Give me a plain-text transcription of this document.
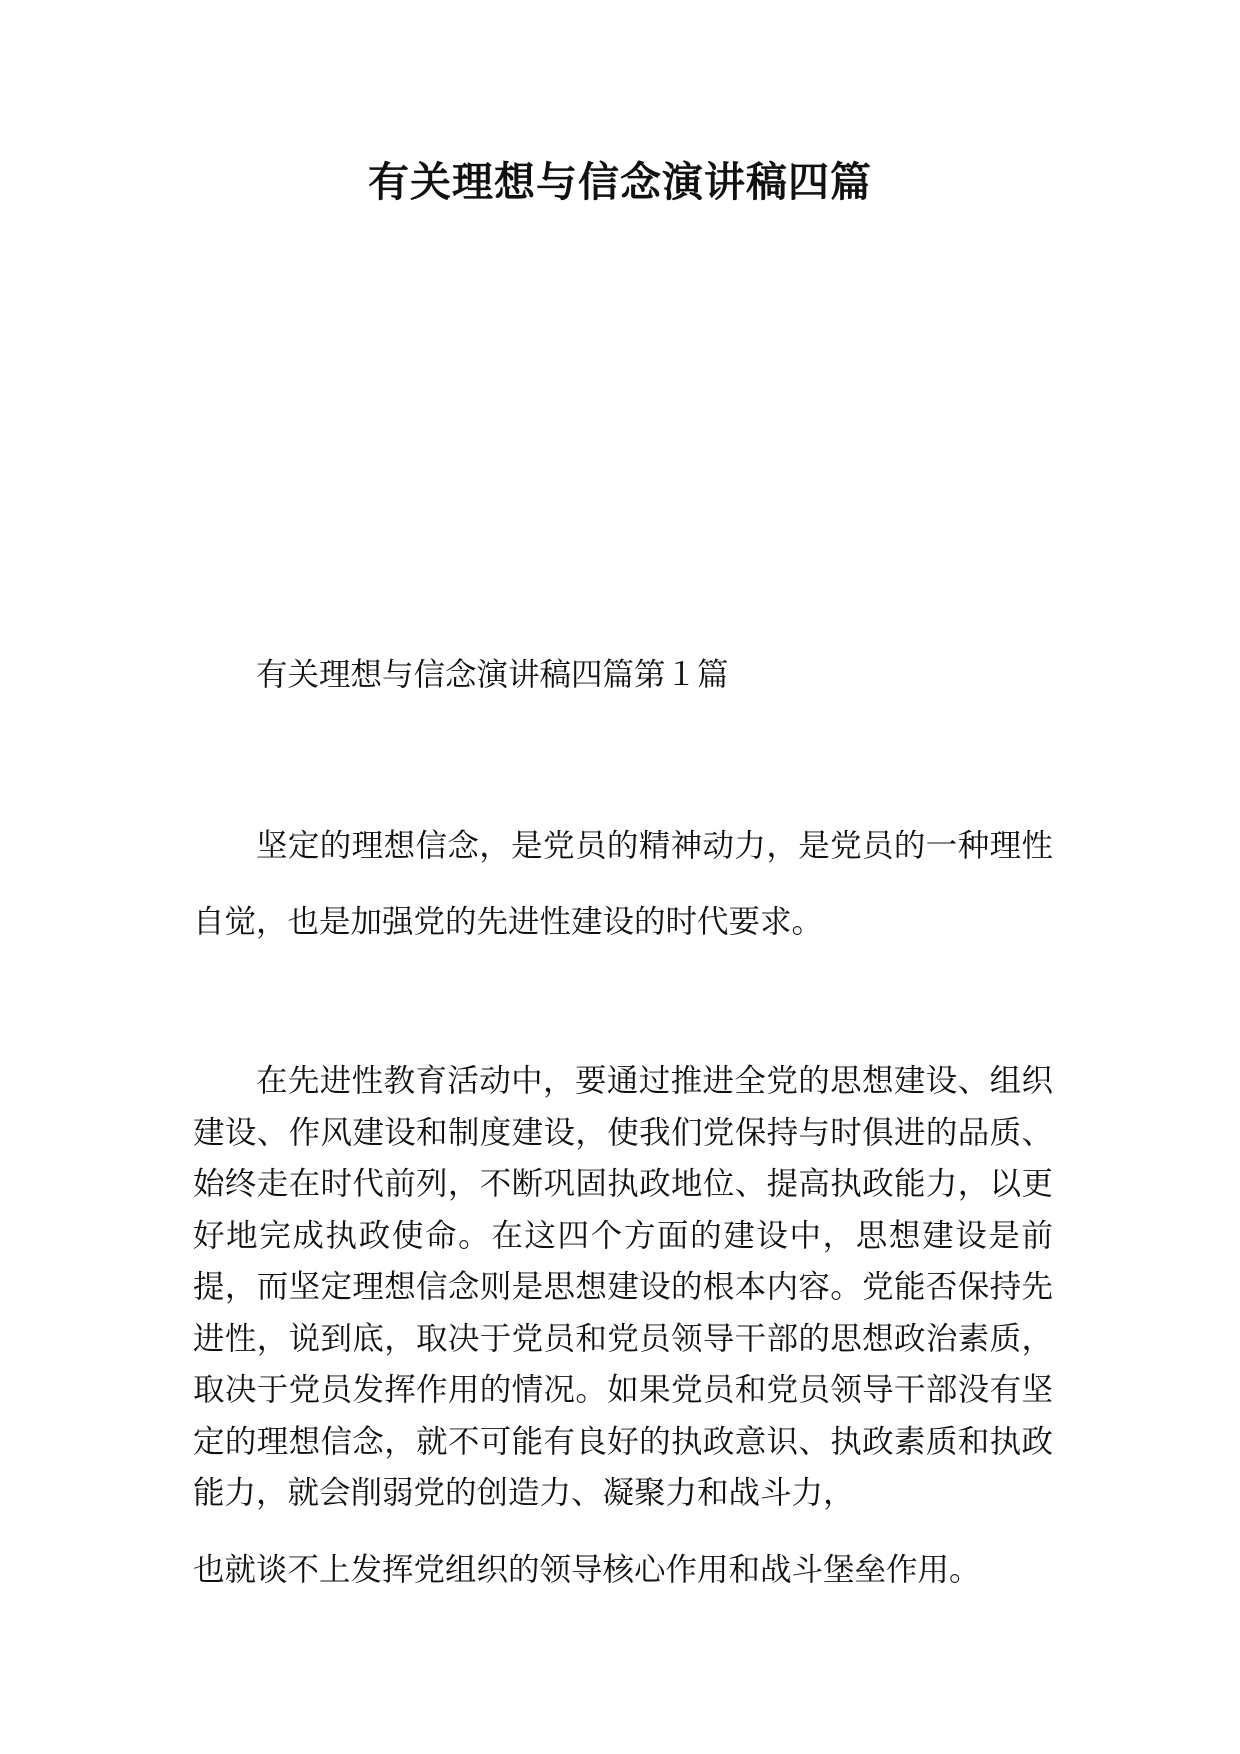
有关理想与信念演讲稿四篇

有关理想与信念演讲稿四篇第１篇

坚定的理想信念，是党员的精神动力，是党员的一种理性自觉，也是加强党的先进性建设的时代要求。

在先进性教育活动中，要通过推进全党的思想建设、组织建设、作风建设和制度建设，使我们党保持与时俱进的品质、始终走在时代前列，不断巩固执政地位、提高执政能力，以更好地完成执政使命。在这四个方面的建设中，思想建设是前提，而坚定理想信念则是思想建设的根本内容。党能否保持先进性，说到底，取决于党员和党员领导干部的思想政治素质，取决于党员发挥作用的情况。如果党员和党员领导干部没有坚定的理想信念，就不可能有良好的执政意识、执政素质和执政能力，就会削弱党的创造力、凝聚力和战斗力，

也就谈不上发挥党组织的领导核心作用和战斗堡垒作用。
